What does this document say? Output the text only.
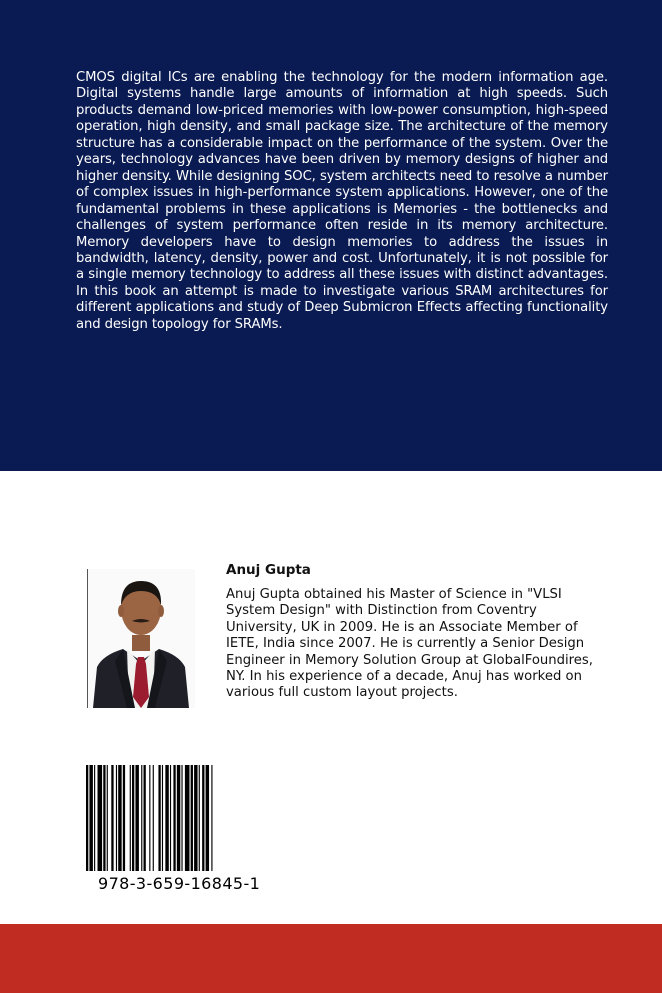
CMOS digital ICs are enabling the technology for the modern information age. Digital systems handle large amounts of information at high speeds. Such products demand low-priced memories with low-power consumption, high-speed operation, high density, and small package size. The architecture of the memory structure has a considerable impact on the performance of the system. Over the years, technology advances have been driven by memory designs of higher and higher density. While designing SOC, system architects need to resolve a number of complex issues in high-performance system applications. However, one of the fundamental problems in these applications is Memories - the bottlenecks and challenges of system performance often reside in its memory architecture. Memory developers have to design memories to address the issues in bandwidth, latency, density, power and cost. Unfortunately, it is not possible for a single memory technology to address all these issues with distinct advantages. In this book an attempt is made to investigate various SRAM architectures for different applications and study of Deep Submicron Effects affecting functionality and design topology for SRAMs.

Anuj Gupta

Anuj Gupta obtained his Master of Science in "VLSI System Design" with Distinction from Coventry University, UK in 2009. He is an Associate Member of IETE, India since 2007. He is currently a Senior Design Engineer in Memory Solution Group at GlobalFoundires, NY. In his experience of a decade, Anuj has worked on various full custom layout projects.

978-3-659-16845-1
